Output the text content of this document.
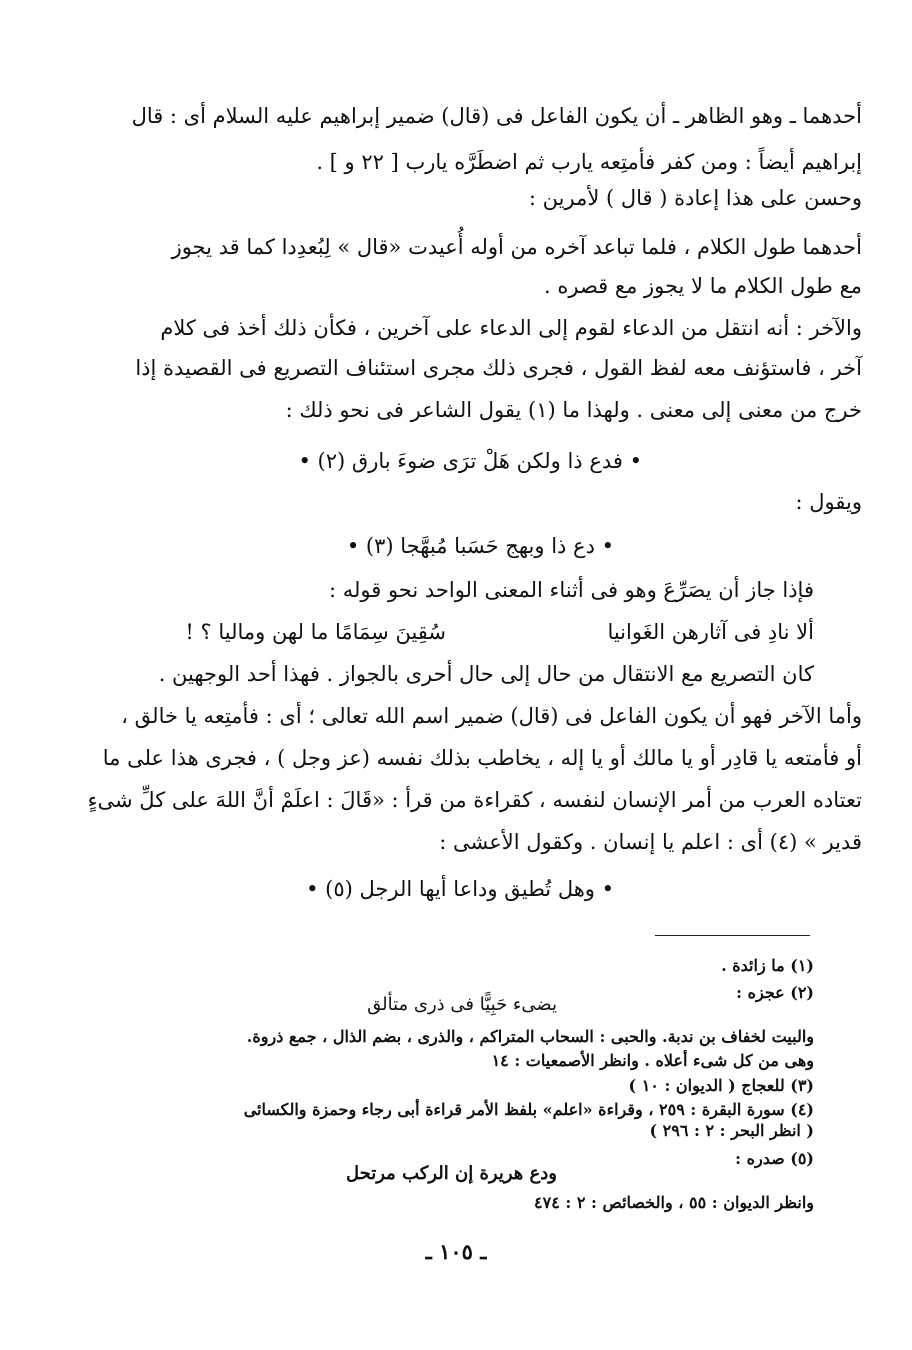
أحدهما ـ وهو الظاهر ـ أن يكون الفاعل فى (قال) ضمير إبراهيم عليه السلام أى : قال
إبراهيم أيضاً : ومن كفر فأمتِعه يارب ثم اضطَرَّه يارب [ ٢٢ و ] .
وحسن على هذا إعادة ( قال ) لأمرين :
أحدهما طول الكلام ، فلما تباعد آخره من أوله أُعيدت «قال » لِبُعدِدا كما قد يجوز
مع طول الكلام ما لا يجوز مع قصره .
والآخر : أنه انتقل من الدعاء لقوم إلى الدعاء على آخرين ، فكأن ذلك أخذ فى كلام
آخر ، فاستؤنف معه لفظ القول ، فجرى ذلك مجرى استئناف التصريع فى القصيدة إذا
خرج من معنى إلى معنى . ولهذا ما (١) يقول الشاعر فى نحو ذلك :
• فدع ذا ولكن هَلْ ترَى ضوءَ بارق (٢) •
ويقول :
• دع ذا وبهج حَسَبا مُبهَّجا (٣) •
فإذا جاز أن يصَرِّعَ وهو فى أثناء المعنى الواحد نحو قوله :
ألا نادِ فى آثارهن الغَوانيا
سُقِينَ سِمَامًا ما لهن وماليا ؟ !
كان التصريع مع الانتقال من حال إلى حال أحرى بالجواز . فهذا أحد الوجهين .
وأما الآخر فهو أن يكون الفاعل فى (قال) ضمير اسم الله تعالى ؛ أى : فأمتِعه يا خالق ،
أو فأمتعه يا قادِر أو يا مالك أو يا إله ، يخاطب بذلك نفسه (عز وجل ) ، فجرى هذا على ما
تعتاده العرب من أمر الإنسان لنفسه ، كقراءة من قرأ : «قَالَ : اعلَمْ أنَّ اللهَ على كلِّ شىءٍ
قدير » (٤) أى : اعلم يا إنسان . وكقول الأعشى :
• وهل تُطيق وداعا أيها الرجل (٥) •
(١) ما زائدة .
(٢) عجزه :
يضىء حَبِيًّا فى ذرى متألق
والبيت لخفاف بن ندبة. والحبى : السحاب المتراكم ، والذرى ، بضم الذال ، جمع ذروة.
وهى من كل شىء أعلاه . وانظر الأصمعيات : ١٤
(٣) للعجاج ( الديوان : ١٠ )
(٤) سورة البقرة : ٢٥٩ ، وقراءة «اعلم» بلفظ الأمر قراءة أبى رجاء وحمزة والكسائى
( انظر البحر : ٢ : ٢٩٦ )
(٥) صدره :
ودع هريرة إن الركب مرتحل
وانظر الديوان : ٥٥ ، والخصائص : ٢ : ٤٧٤
ـ ١٠٥ ـ
